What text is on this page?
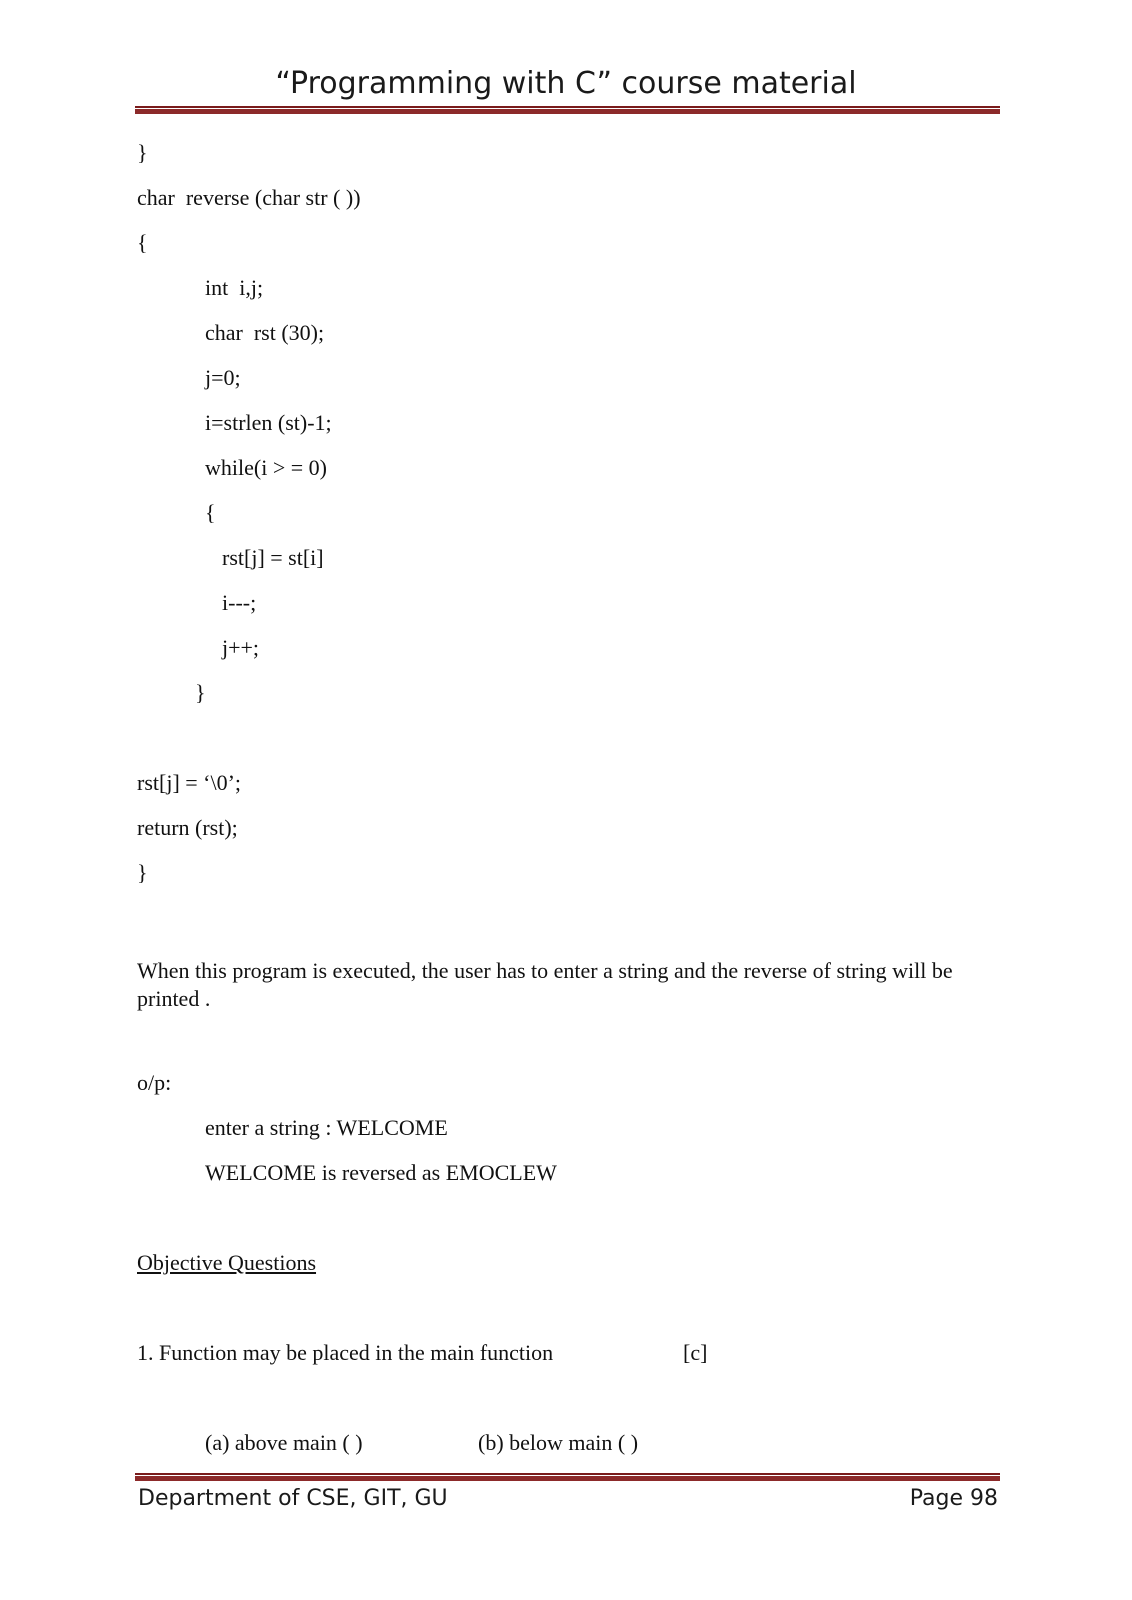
“Programming with C” course material
}
char  reverse (char str ( ))
{
int  i,j;
char  rst (30);
j=0;
i=strlen (st)-1;
while(i > = 0)
{
rst[j] = st[i]
i---;
j++;
}
rst[j] = ‘\0’;
return (rst);
}
When this program is executed, the user has to enter a string and the reverse of string will be printed .
o/p:
enter a string : WELCOME
WELCOME is reversed as EMOCLEW
Objective Questions
1. Function may be placed in the main function	[c]
(a) above main ( )	(b) below main ( )
Department of CSE, GIT, GU	Page 98
